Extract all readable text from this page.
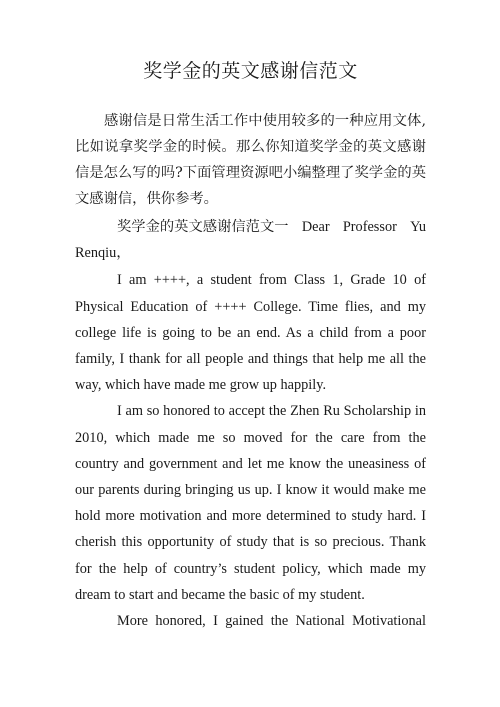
奖学金的英文感谢信范文

感谢信是日常生活工作中使用较多的一种应用文体,比如说拿奖学金的时候。那么你知道奖学金的英文感谢信是怎么写的吗?下面管理资源吧小编整理了奖学金的英文感谢信，供你参考。

奖学金的英文感谢信范文一 Dear Professor Yu
Renqiu，

I am ++++, a student from Class 1, Grade 10 of Physical Education of ++++ College. Time flies, and my college life is going to be an end. As a child from a poor family, I thank for all people and things that help me all the way, which have made me grow up happily.

I am so honored to accept the Zhen Ru Scholarship in 2010, which made me so moved for the care from the country and government and let me know the uneasiness of our parents during bringing us up. I know it would make me hold more motivation and more determined to study hard. I cherish this opportunity of study that is so precious. Thank for the help of country’s student policy, which made my dream to start and became the basic of my student.

More honored, I gained the National Motivational
